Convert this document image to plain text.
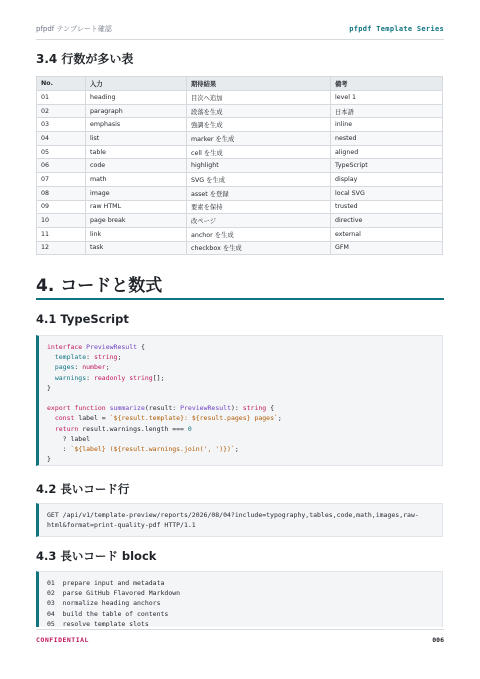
pfpdf テンプレート確認	pfpdf Template Series
3.4 行数が多い表
No.	入力	期待結果	備考
01	heading	目次へ追加	level 1
02	paragraph	段落を生成	日本語
03	emphasis	強調を生成	inline
04	list	marker を生成	nested
05	table	cell を生成	aligned
06	code	highlight	TypeScript
07	math	SVG を生成	display
08	image	asset を登録	local SVG
09	raw HTML	要素を保持	trusted
10	page break	改ページ	directive
11	link	anchor を生成	external
12	task	checkbox を生成	GFM
4. コードと数式
4.1 TypeScript
interface PreviewResult {
template: string;
pages: number;
warnings: readonly string[];
}
export function summarize(result: PreviewResult): string {
const label = `${result.template}: ${result.pages} pages`;
return result.warnings.length === 0
? label
: `${label} (${result.warnings.join(', ')})`;
}
4.2 長いコード行
GET /api/v1/template-preview/reports/2026/08/04?include=typography,tables,code,math,images,raw-
html&format=print-quality-pdf HTTP/1.1
4.3 長いコード block
01  prepare input and metadata
02  parse GitHub Flavored Markdown
03  normalize heading anchors
04  build the table of contents
05  resolve template slots
CONFIDENTIAL	006
